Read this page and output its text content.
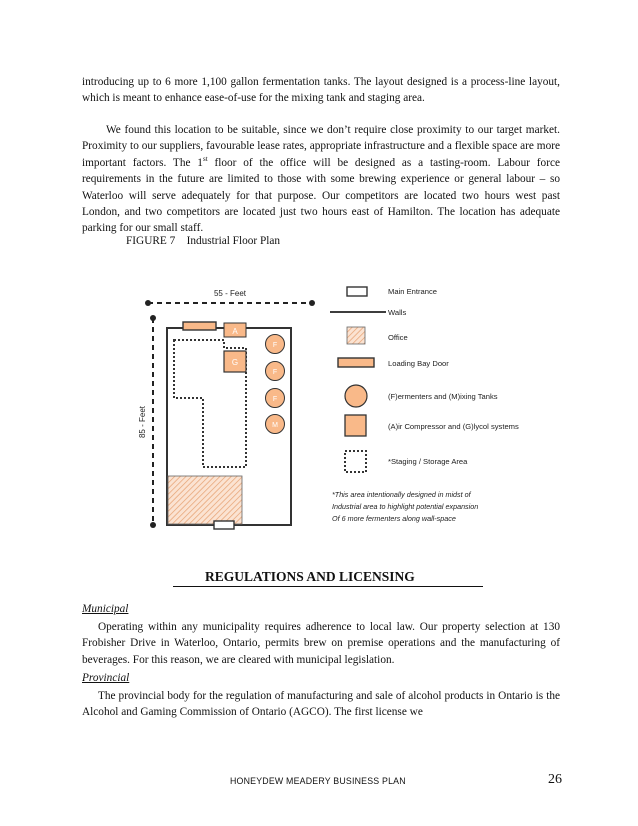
introducing up to 6 more 1,100 gallon fermentation tanks. The layout designed is a process-line layout, which is meant to enhance ease-of-use for the mixing tank and staging area.

We found this location to be suitable, since we don’t require close proximity to our target market. Proximity to our suppliers, favourable lease rates, appropriate infrastructure and a flexible space are more important factors. The 1st floor of the office will be designed as a tasting-room. Labour force requirements in the future are limited to those with some brewing experience or general labour – so Waterloo will serve adequately for that purpose. Our competitors are located two hours west past London, and two competitors are located just two hours east of Hamilton. The location has adequate parking for our small staff.

FIGURE 7    Industrial Floor Plan

55 - Feet
85 - Feet
A
G
F
F
F
M
Main Entrance
Walls
Office
Loading Bay Door
(F)ermenters and (M)ixing Tanks
(A)ir Compressor and (G)lycol systems
*Staging / Storage Area
*This area intentionally designed in midst of
Industrial area to highlight potential expansion
Of 6 more fermenters along wall-space

REGULATIONS AND LICENSING

Municipal

Operating within any municipality requires adherence to local law. Our property selection at 130 Frobisher Drive in Waterloo, Ontario, permits brew on premise operations and the manufacturing of beverages. For this reason, we are cleared with municipal legislation.

Provincial

The provincial body for the regulation of manufacturing and sale of alcohol products in Ontario is the Alcohol and Gaming Commission of Ontario (AGCO). The first license we

HONEYDEW MEADERY BUSINESS PLAN	26
